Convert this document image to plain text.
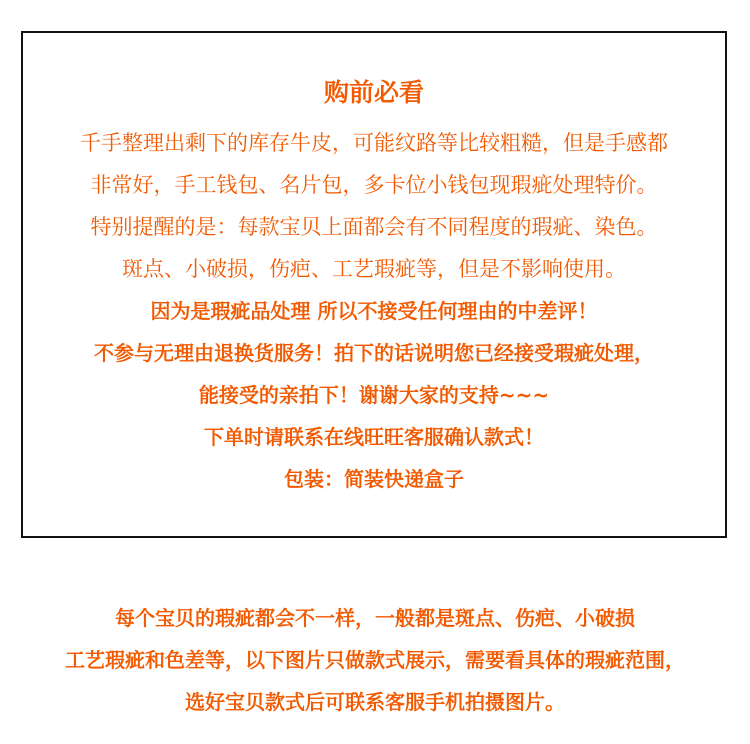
购前必看
千手整理出剩下的库存牛皮，可能纹路等比较粗糙，但是手感都
非常好，手工钱包、名片包，多卡位小钱包现瑕疵处理特价。
特别提醒的是：每款宝贝上面都会有不同程度的瑕疵、染色。
斑点、小破损，伤疤、工艺瑕疵等，但是不影响使用。
因为是瑕疵品处理 所以不接受任何理由的中差评！
不参与无理由退换货服务！拍下的话说明您已经接受瑕疵处理，
能接受的亲拍下！谢谢大家的支持~~~
下单时请联系在线旺旺客服确认款式！
包装：简装快递盒子
每个宝贝的瑕疵都会不一样，一般都是斑点、伤疤、小破损
工艺瑕疵和色差等，以下图片只做款式展示，需要看具体的瑕疵范围，
选好宝贝款式后可联系客服手机拍摄图片。
